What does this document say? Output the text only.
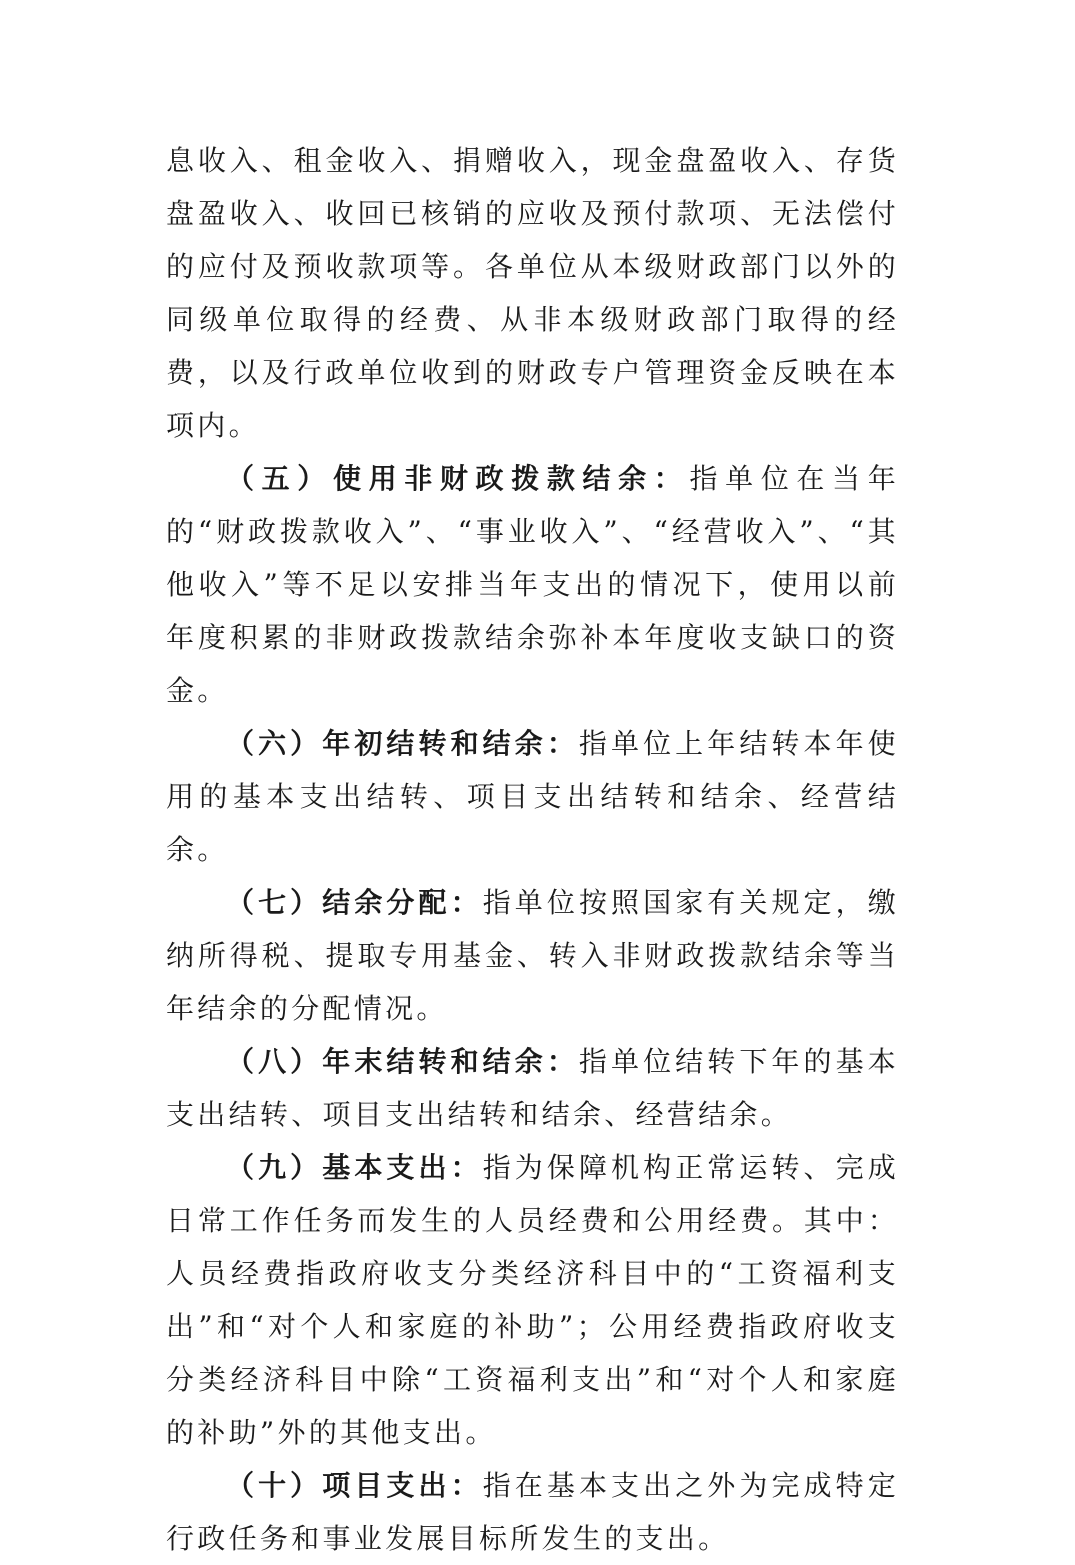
息收入、租金收入、捐赠收入，现金盘盈收入、存货盘盈收入、收回已核销的应收及预付款项、无法偿付的应付及预收款项等。各单位从本级财政部门以外的同级单位取得的经费、从非本级财政部门取得的经费，以及行政单位收到的财政专户管理资金反映在本项内。

（五）使用非财政拨款结余：指单位在当年的“财政拨款收入”、“事业收入”、“经营收入”、“其他收入”等不足以安排当年支出的情况下，使用以前年度积累的非财政拨款结余弥补本年度收支缺口的资金。

（六）年初结转和结余：指单位上年结转本年使用的基本支出结转、项目支出结转和结余、经营结余。

（七）结余分配：指单位按照国家有关规定，缴纳所得税、提取专用基金、转入非财政拨款结余等当年结余的分配情况。

（八）年末结转和结余：指单位结转下年的基本支出结转、项目支出结转和结余、经营结余。

（九）基本支出：指为保障机构正常运转、完成日常工作任务而发生的人员经费和公用经费。其中：人员经费指政府收支分类经济科目中的“工资福利支出”和“对个人和家庭的补助”；公用经费指政府收支分类经济科目中除“工资福利支出”和“对个人和家庭的补助”外的其他支出。

（十）项目支出：指在基本支出之外为完成特定行政任务和事业发展目标所发生的支出。
